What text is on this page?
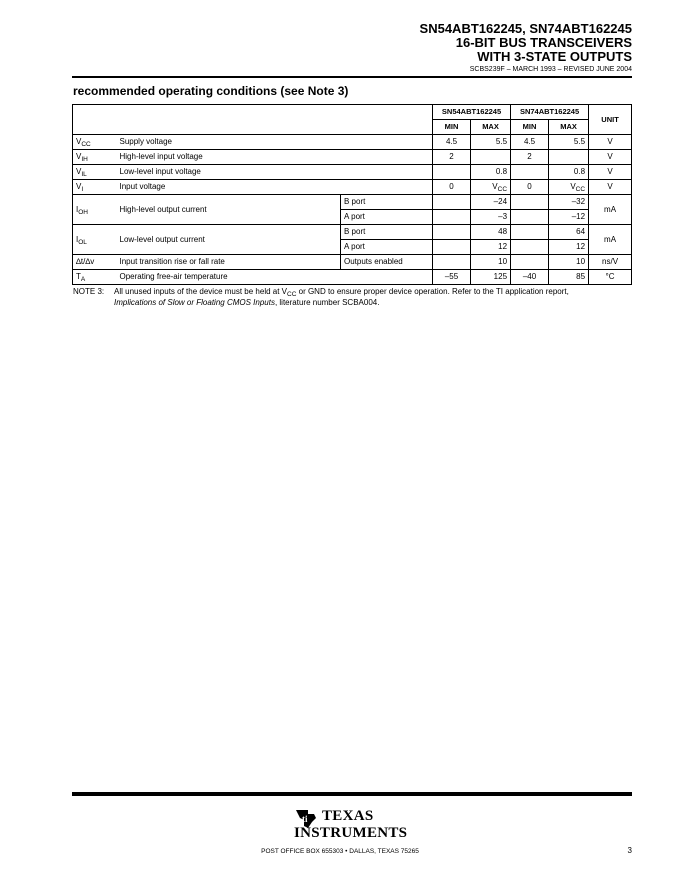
SN54ABT162245, SN74ABT162245
16-BIT BUS TRANSCEIVERS
WITH 3-STATE OUTPUTS
SCBS239F – MARCH 1993 – REVISED JUNE 2004
recommended operating conditions (see Note 3)
			SN54ABT162245		SN74ABT162245		UNIT
			MIN	MAX	MIN	MAX	
$V_{CC}$	Supply voltage		4.5	5.5	4.5	5.5	V
$V_{IH}$	High-level input voltage		2		2		V
$V_{IL}$	Low-level input voltage			0.8		0.8	V
$V_I$	Input voltage		0	$V_{CC}$	0	$V_{CC}$	V
$I_{OH}$	High-level output current	B port		–24		–32	mA
		A port		–3		–12	
$I_{OL}$	Low-level output current	B port		48		64	mA
		A port		12		12	
∆t/∆v	Input transition rise or fall rate	Outputs enabled		10		10	ns/V
$T_A$	Operating free-air temperature		–55	125	–40	85	°C
NOTE 3: All unused inputs of the device must be held at $V_{CC}$ or GND to ensure proper device operation. Refer to the TI application report,
Implications of Slow or Floating CMOS Inputs, literature number SCBA004.
ti TEXAS
INSTRUMENTS
POST OFFICE BOX 655303 • DALLAS, TEXAS 75265	3
